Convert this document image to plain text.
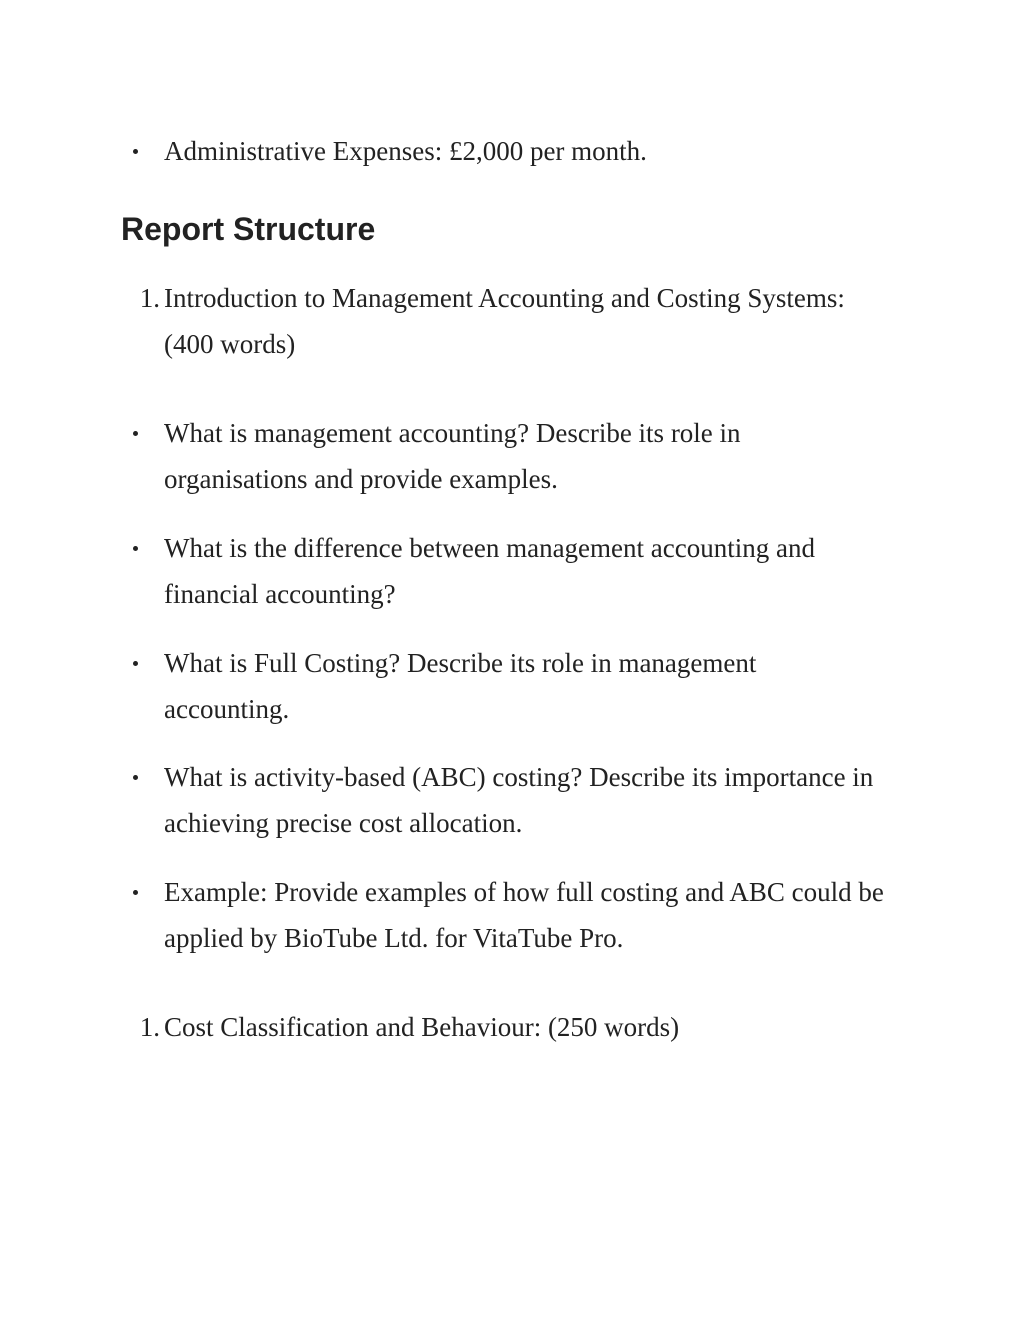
Administrative Expenses: £2,000 per month.
Report Structure
1. Introduction to Management Accounting and Costing Systems: (400 words)
What is management accounting? Describe its role in organisations and provide examples.
What is the difference between management accounting and financial accounting?
What is Full Costing? Describe its role in management accounting.
What is activity-based (ABC) costing? Describe its importance in achieving precise cost allocation.
Example: Provide examples of how full costing and ABC could be applied by BioTube Ltd. for VitaTube Pro.
1. Cost Classification and Behaviour: (250 words)
